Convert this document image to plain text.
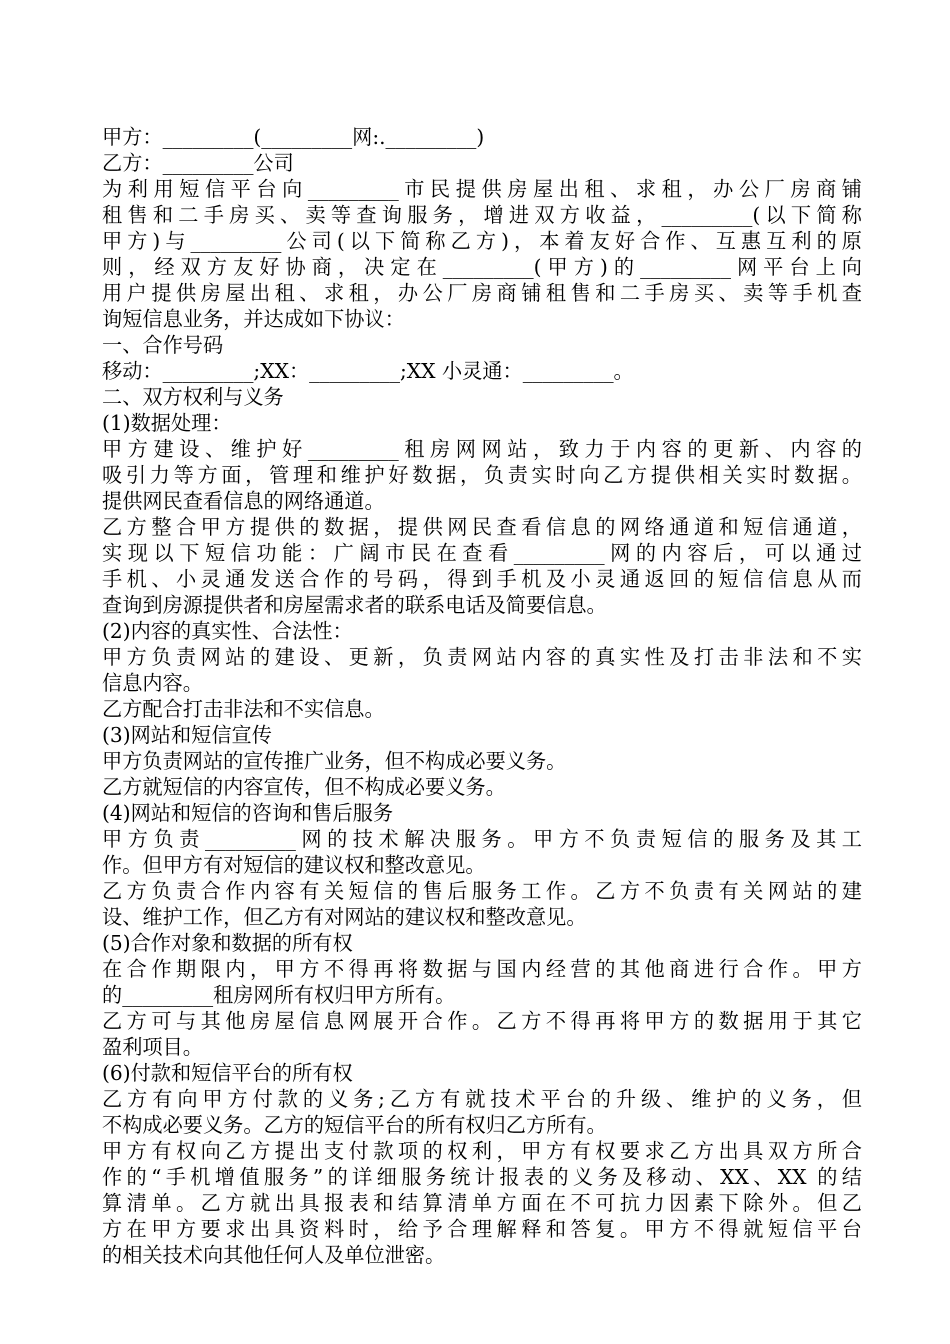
甲方：_________(_________网:._________)
乙方：_________公司
为利用短信平台向_________市民提供房屋出租、求租，办公厂房商铺
租售和二手房买、卖等查询服务，增进双方收益，_________(以下简称
甲方)与_________公司(以下简称乙方)，本着友好合作、互惠互利的原
则，经双方友好协商，决定在_________(甲方)的_________网平台上向
用户提供房屋出租、求租，办公厂房商铺租售和二手房买、卖等手机查
询短信息业务，并达成如下协议：
一、合作号码
移动：_________;XX：_________;XX 小灵通：_________。
二、双方权利与义务
(1)数据处理：
甲方建设、维护好_________租房网网站，致力于内容的更新、内容的
吸引力等方面，管理和维护好数据，负责实时向乙方提供相关实时数据。
提供网民查看信息的网络通道。
乙方整合甲方提供的数据，提供网民查看信息的网络通道和短信通道，
实现以下短信功能：广阔市民在查看_________网的内容后，可以通过
手机、小灵通发送合作的号码，得到手机及小灵通返回的短信信息从而
查询到房源提供者和房屋需求者的联系电话及简要信息。
(2)内容的真实性、合法性：
甲方负责网站的建设、更新，负责网站内容的真实性及打击非法和不实
信息内容。
乙方配合打击非法和不实信息。
(3)网站和短信宣传
甲方负责网站的宣传推广业务，但不构成必要义务。
乙方就短信的内容宣传，但不构成必要义务。
(4)网站和短信的咨询和售后服务
甲方负责_________网的技术解决服务。甲方不负责短信的服务及其工
作。但甲方有对短信的建议权和整改意见。
乙方负责合作内容有关短信的售后服务工作。乙方不负责有关网站的建
设、维护工作，但乙方有对网站的建议权和整改意见。
(5)合作对象和数据的所有权
在合作期限内，甲方不得再将数据与国内经营的其他商进行合作。甲方
的_________租房网所有权归甲方所有。
乙方可与其他房屋信息网展开合作。乙方不得再将甲方的数据用于其它
盈利项目。
(6)付款和短信平台的所有权
乙方有向甲方付款的义务;乙方有就技术平台的升级、维护的义务，但
不构成必要义务。乙方的短信平台的所有权归乙方所有。
甲方有权向乙方提出支付款项的权利，甲方有权要求乙方出具双方所合
作的“手机增值服务”的详细服务统计报表的义务及移动、XX、XX 的结
算清单。乙方就出具报表和结算清单方面在不可抗力因素下除外。但乙
方在甲方要求出具资料时，给予合理解释和答复。甲方不得就短信平台
的相关技术向其他任何人及单位泄密。
